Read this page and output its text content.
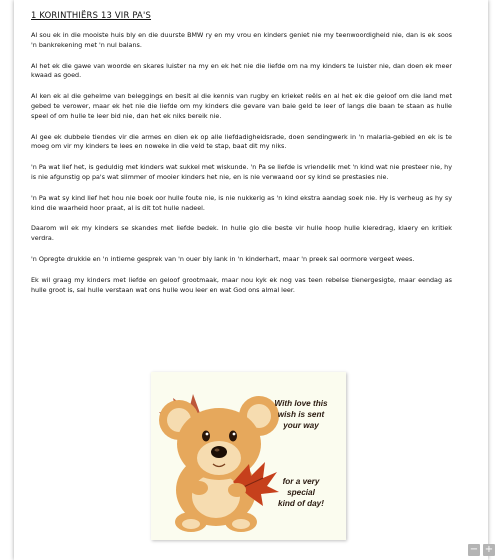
1 KORINTHIËRS 13 VIR PA'S

Al sou ek in die mooiste huis bly en die duurste BMW ry en my vrou en kinders geniet nie my teenwoordigheid nie, dan is ek soos 'n bankrekening met 'n nul balans.

Al het ek die gawe van woorde en skares luister na my en ek het nie die liefde om na my kinders te luister nie, dan doen ek meer kwaad as goed.

Al ken ek al die geheime van beleggings en besit al die kennis van rugby en krieket reëls en al het ek die geloof om die land met gebed te verower, maar ek het nie die liefde om my kinders die gevare van baie geld te leer of langs die baan te staan as hulle speel of om hulle te leer bid nie, dan het ek niks bereik nie.

Al gee ek dubbele tiendes vir die armes en dien ek op alle liefdadigheidsrade, doen sendingwerk in 'n malaria-gebied en ek is te moeg om vir my kinders te lees en noweke in die veld te stap, baat dit my niks.

'n Pa wat lief het, is geduldig met kinders wat sukkel met wiskunde. 'n Pa se liefde is vriendelik met 'n kind wat nie presteer nie, hy is nie afgunstig op pa's wat slimmer of mooier kinders het nie, en is nie verwaand oor sy kind se prestasies nie.

'n Pa wat sy kind lief het hou nie boek oor hulle foute nie, is nie nukkerig as 'n kind ekstra aandag soek nie. Hy is verheug as hy sy kind die waarheid hoor praat, al is dit tot hulle nadeel.

Daarom wil ek my kinders se skandes met liefde bedek. In hulle glo die beste vir hulle hoop hulle kleredrag, klaery en kritiek verdra.

'n Opregte drukkie en 'n intieme gesprek van 'n ouer bly lank in 'n kinderhart, maar 'n preek sal oormore vergeet wees.

Ek wil graag my kinders met liefde en geloof grootmaak, maar nou kyk ek nog vas teen rebelse tienergesigte, maar eendag as hulle groot is, sal hulle verstaan wat ons hulle wou leer en wat God ons almal leer.

With love this
wish is sent
your way
for a very
special
kind of day!
− +
